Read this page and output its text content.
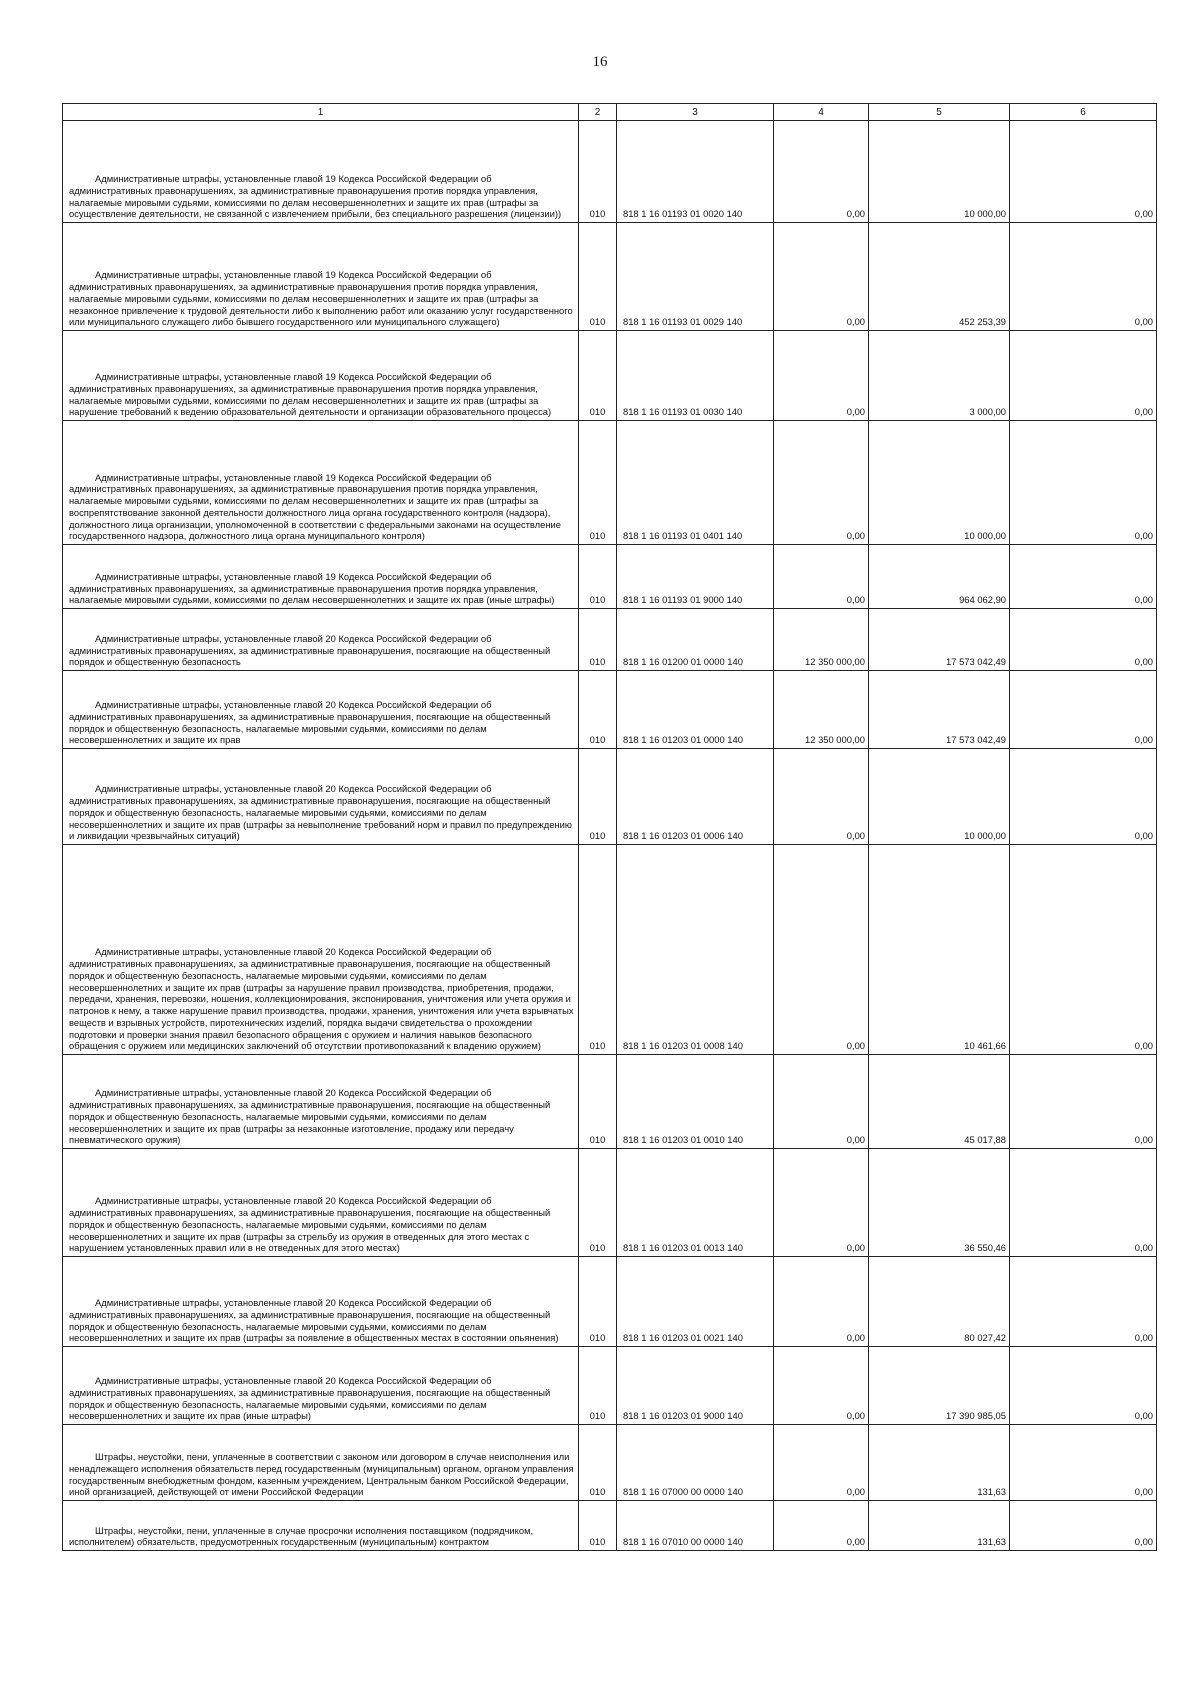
16
1	2	3	4	5	6
Административные штрафы, установленные главой 19 Кодекса Российской Федерации об административных правонарушениях, за административные правонарушения против порядка управления, налагаемые мировыми судьями, комиссиями по делам несовершеннолетних и защите их прав (штрафы за осуществление деятельности, не связанной с извлечением прибыли, без специального разрешения (лицензии))	010	818 1 16 01193 01 0020 140	0,00	10 000,00	0,00
Административные штрафы, установленные главой 19 Кодекса Российской Федерации об административных правонарушениях, за административные правонарушения против порядка управления, налагаемые мировыми судьями, комиссиями по делам несовершеннолетних и защите их прав (штрафы за незаконное привлечение к трудовой деятельности либо к выполнению работ или оказанию услуг государственного или муниципального служащего либо бывшего государственного или муниципального служащего)	010	818 1 16 01193 01 0029 140	0,00	452 253,39	0,00
Административные штрафы, установленные главой 19 Кодекса Российской Федерации об административных правонарушениях, за административные правонарушения против порядка управления, налагаемые мировыми судьями, комиссиями по делам несовершеннолетних и защите их прав (штрафы за нарушение требований к ведению образовательной деятельности и организации образовательного процесса)	010	818 1 16 01193 01 0030 140	0,00	3 000,00	0,00
Административные штрафы, установленные главой 19 Кодекса Российской Федерации об административных правонарушениях, за административные правонарушения против порядка управления, налагаемые мировыми судьями, комиссиями по делам несовершеннолетних и защите их прав (штрафы за воспрепятствование законной деятельности должностного лица органа государственного контроля (надзора), должностного лица организации, уполномоченной в соответствии с федеральными законами на осуществление государственного надзора, должностного лица органа муниципального контроля)	010	818 1 16 01193 01 0401 140	0,00	10 000,00	0,00
Административные штрафы, установленные главой 19 Кодекса Российской Федерации об административных правонарушениях, за административные правонарушения против порядка управления, налагаемые мировыми судьями, комиссиями по делам несовершеннолетних и защите их прав (иные штрафы)	010	818 1 16 01193 01 9000 140	0,00	964 062,90	0,00
Административные штрафы, установленные главой 20 Кодекса Российской Федерации об административных правонарушениях, за административные правонарушения, посягающие на общественный порядок и общественную безопасность	010	818 1 16 01200 01 0000 140	12 350 000,00	17 573 042,49	0,00
Административные штрафы, установленные главой 20 Кодекса Российской Федерации об административных правонарушениях, за административные правонарушения, посягающие на общественный порядок и общественную безопасность, налагаемые мировыми судьями, комиссиями по делам несовершеннолетних и защите их прав	010	818 1 16 01203 01 0000 140	12 350 000,00	17 573 042,49	0,00
Административные штрафы, установленные главой 20 Кодекса Российской Федерации об административных правонарушениях, за административные правонарушения, посягающие на общественный порядок и общественную безопасность, налагаемые мировыми судьями, комиссиями по делам несовершеннолетних и защите их прав (штрафы за невыполнение требований норм и правил по предупреждению и ликвидации чрезвычайных ситуаций)	010	818 1 16 01203 01 0006 140	0,00	10 000,00	0,00
Административные штрафы, установленные главой 20 Кодекса Российской Федерации об административных правонарушениях, за административные правонарушения, посягающие на общественный порядок и общественную безопасность, налагаемые мировыми судьями, комиссиями по делам несовершеннолетних и защите их прав (штрафы за нарушение правил производства, приобретения, продажи, передачи, хранения, перевозки, ношения, коллекционирования, экспонирования, уничтожения или учета оружия и патронов к нему, а также нарушение правил производства, продажи, хранения, уничтожения или учета взрывчатых веществ и взрывных устройств, пиротехнических изделий, порядка выдачи свидетельства о прохождении подготовки и проверки знания правил безопасного обращения с оружием и наличия навыков безопасного обращения с оружием или медицинских заключений об отсутствии противопоказаний к владению оружием)	010	818 1 16 01203 01 0008 140	0,00	10 461,66	0,00
Административные штрафы, установленные главой 20 Кодекса Российской Федерации об административных правонарушениях, за административные правонарушения, посягающие на общественный порядок и общественную безопасность, налагаемые мировыми судьями, комиссиями по делам несовершеннолетних и защите их прав (штрафы за незаконные изготовление, продажу или передачу пневматического оружия)	010	818 1 16 01203 01 0010 140	0,00	45 017,88	0,00
Административные штрафы, установленные главой 20 Кодекса Российской Федерации об административных правонарушениях, за административные правонарушения, посягающие на общественный порядок и общественную безопасность, налагаемые мировыми судьями, комиссиями по делам несовершеннолетних и защите их прав (штрафы за стрельбу из оружия в отведенных для этого местах с нарушением установленных правил или в не отведенных для этого местах)	010	818 1 16 01203 01 0013 140	0,00	36 550,46	0,00
Административные штрафы, установленные главой 20 Кодекса Российской Федерации об административных правонарушениях, за административные правонарушения, посягающие на общественный порядок и общественную безопасность, налагаемые мировыми судьями, комиссиями по делам несовершеннолетних и защите их прав (штрафы за появление в общественных местах в состоянии опьянения)	010	818 1 16 01203 01 0021 140	0,00	80 027,42	0,00
Административные штрафы, установленные главой 20 Кодекса Российской Федерации об административных правонарушениях, за административные правонарушения, посягающие на общественный порядок и общественную безопасность, налагаемые мировыми судьями, комиссиями по делам несовершеннолетних и защите их прав (иные штрафы)	010	818 1 16 01203 01 9000 140	0,00	17 390 985,05	0,00
Штрафы, неустойки, пени, уплаченные в соответствии с законом или договором в случае неисполнения или ненадлежащего исполнения обязательств перед государственным (муниципальным) органом, органом управления государственным внебюджетным фондом, казенным учреждением, Центральным банком Российской Федерации, иной организацией, действующей от имени Российской Федерации	010	818 1 16 07000 00 0000 140	0,00	131,63	0,00
Штрафы, неустойки, пени, уплаченные в случае просрочки исполнения поставщиком (подрядчиком, исполнителем) обязательств, предусмотренных государственным (муниципальным) контрактом	010	818 1 16 07010 00 0000 140	0,00	131,63	0,00
